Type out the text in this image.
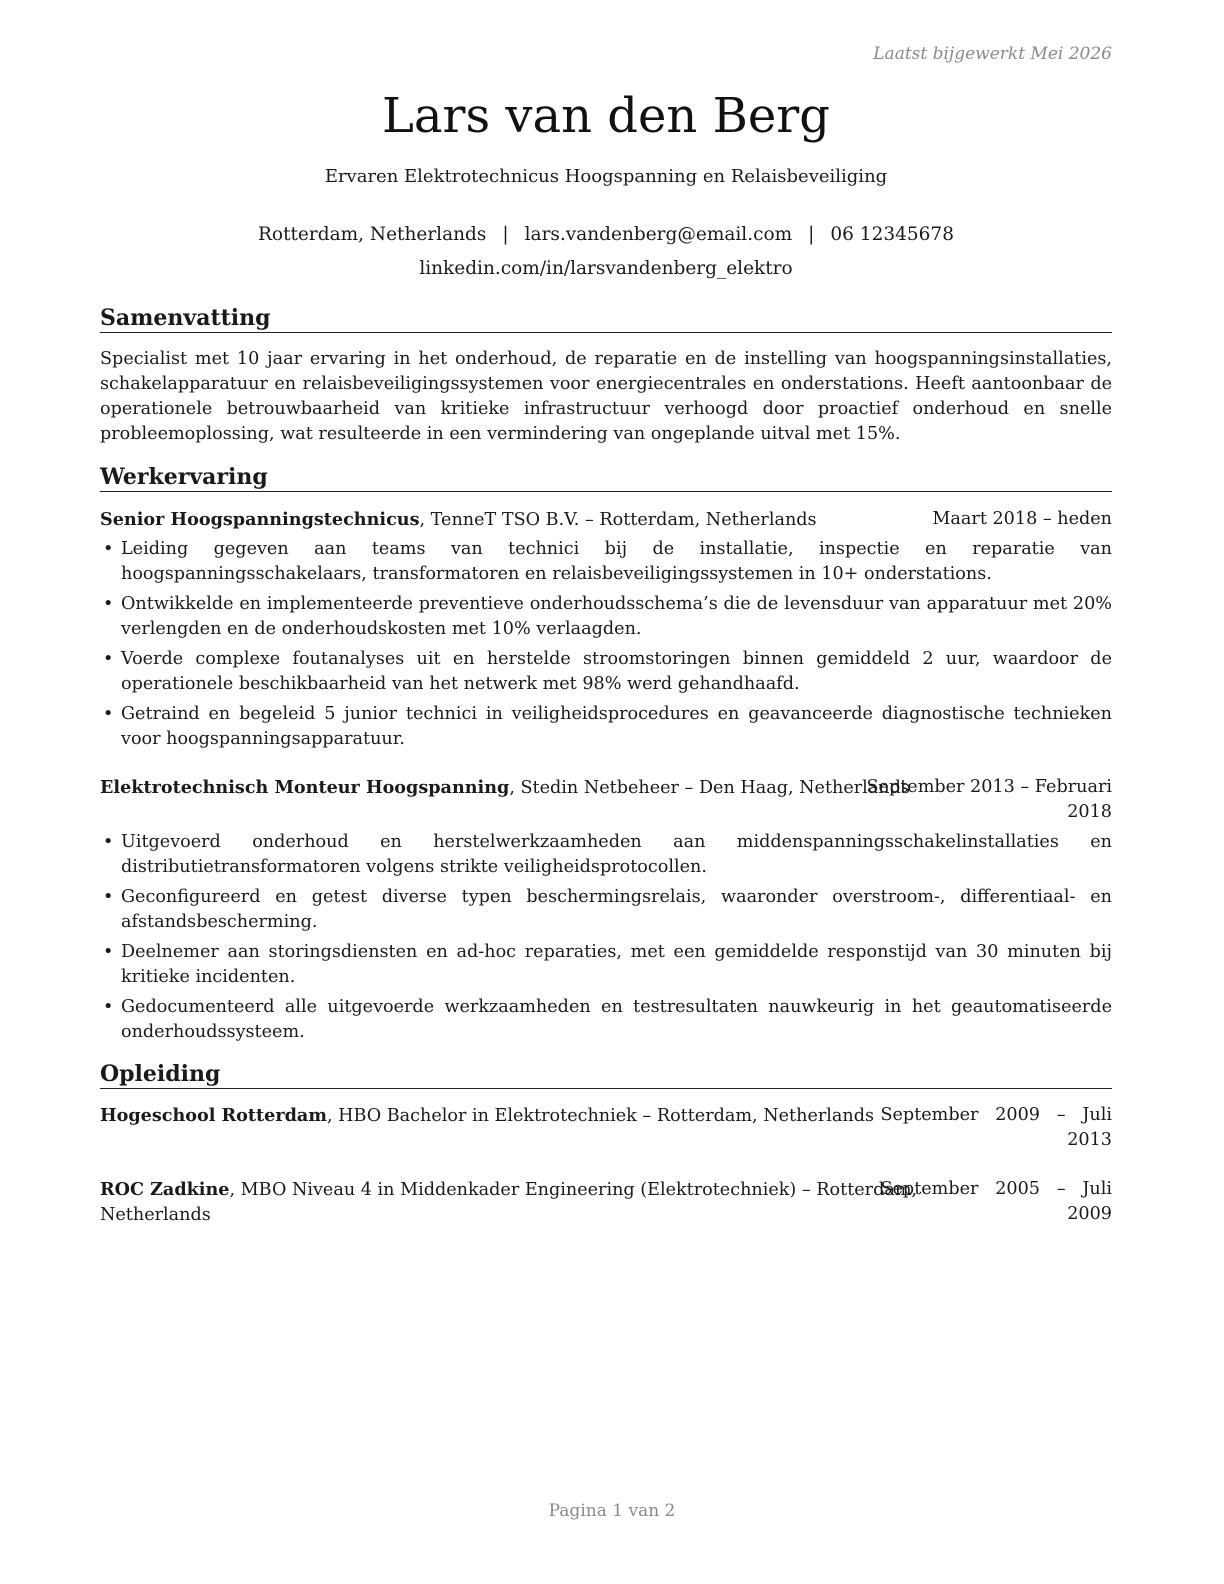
Laatst bijgewerkt Mei 2026
Lars van den Berg
Ervaren Elektrotechnicus Hoogspanning en Relaisbeveiliging
Rotterdam, Netherlands | lars.vandenberg@email.com | 06 12345678
linkedin.com/in/larsvandenberg_elektro
Samenvatting
Specialist met 10 jaar ervaring in het onderhoud, de reparatie en de instelling van hoogspanningsinstallaties, schakelapparatuur en relaisbeveiligingssystemen voor energiecentrales en onderstations. Heeft aantoonbaar de operationele betrouwbaarheid van kritieke infrastructuur verhoogd door proactief onderhoud en snelle probleemoplossing, wat resulteerde in een vermindering van ongeplande uitval met 15%.
Werkervaring
Senior Hoogspanningstechnicus, TenneT TSO B.V. – Rotterdam, Netherlands	Maart 2018 – heden
• Leiding gegeven aan teams van technici bij de installatie, inspectie en reparatie van hoogspanningsschakelaars, transformatoren en relaisbeveiligingssystemen in 10+ onderstations.
• Ontwikkelde en implementeerde preventieve onderhoudsschema’s die de levensduur van apparatuur met 20% verlengden en de onderhoudskosten met 10% verlaagden.
• Voerde complexe foutanalyses uit en herstelde stroomstoringen binnen gemiddeld 2 uur, waardoor de operationele beschikbaarheid van het netwerk met 98% werd gehandhaafd.
• Getraind en begeleid 5 junior technici in veiligheidsprocedures en geavanceerde diagnostische technieken voor hoogspanningsapparatuur.
Elektrotechnisch Monteur Hoogspanning, Stedin Netbeheer – Den Haag, Netherlands
September 2013 – Februari
2018
• Uitgevoerd onderhoud en herstelwerkzaamheden aan middenspanningsschakelinstallaties en distributietransformatoren volgens strikte veiligheidsprotocollen.
• Geconfigureerd en getest diverse typen beschermingsrelais, waaronder overstroom-, differentiaal- en afstandsbescherming.
• Deelnemer aan storingsdiensten en ad-hoc reparaties, met een gemiddelde responstijd van 30 minuten bij kritieke incidenten.
• Gedocumenteerd alle uitgevoerde werkzaamheden en testresultaten nauwkeurig in het geautomatiseerde onderhoudssysteem.
Opleiding
Hogeschool Rotterdam, HBO Bachelor in Elektrotechniek – Rotterdam, Netherlands September   2009   –   Juli
2013
ROC Zadkine, MBO Niveau 4 in Middenkader Engineering (Elektrotechniek) – Rotterdam,
Netherlands
September   2005   –   Juli
2009
Pagina 1 van 2
